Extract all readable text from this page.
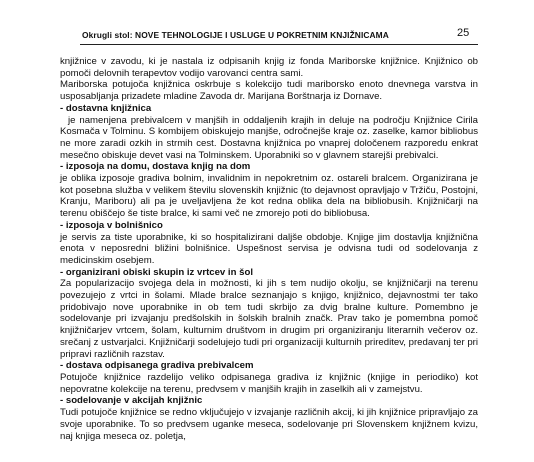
Okrugli stol: NOVE TEHNOLOGIJE I USLUGE U POKRETNIM KNJIŽNICAMA	25

knjižnice v zavodu, ki je nastala iz odpisanih knjig iz fonda Mariborske knjižnice. Knjižnico ob pomoči delovnih terapevtov vodijo varovanci centra sami.

Mariborska potujoča knjižnica oskrbuje s kolekcijo tudi mariborsko enoto dnevnega varstva in usposabljanja prizadete mladine Zavoda dr. Marijana Borštnarja iz Dornave.

- dostavna knjižnica

je namenjena prebivalcem v manjših in oddaljenih krajih in deluje na področju Knjižnice Cirila Kosmača v Tolminu. S kombijem obiskujejo manjše, odročnejše kraje oz. zaselke, kamor bibliobus ne more zaradi ozkih in strmih cest. Dostavna knjižnica po vnaprej določenem razporedu enkrat mesečno obiskuje devet vasi na Tolminskem. Uporabniki so v glavnem starejši prebivalci.

- izposoja na domu, dostava knjig na dom

je oblika izposoje gradiva bolnim, invalidnim in nepokretnim oz. ostareli bralcem. Organizirana je kot posebna služba v velikem številu slovenskih knjižnic (to dejavnost opravljajo v Tržiču, Postojni, Kranju, Mariboru) ali pa je uveljavljena že kot redna oblika dela na bibliobusih. Knjižničarji na terenu obiščejo še tiste bralce, ki sami več ne zmorejo poti do bibliobusa.

- izposoja v bolnišnico

je servis za tiste uporabnike, ki so hospitalizirani daljše obdobje. Knjige jim dostavlja knjižnična enota v neposredni bližini bolnišnice. Uspešnost servisa je odvisna tudi od sodelovanja z medicinskim osebjem.

- organizirani obiski skupin iz vrtcev in šol

Za popularizacijo svojega dela in možnosti, ki jih s tem nudijo okolju, se knjižničarji na terenu povezujejo z vrtci in šolami. Mlade bralce seznanjajo s knjigo, knjižnico, dejavnostmi ter tako pridobivajo nove uporabnike in ob tem tudi skrbijo za dvig bralne kulture. Pomembno je sodelovanje pri izvajanju predšolskih in šolskih bralnih značk. Prav tako je pomembna pomoč knjižničarjev vrtcem, šolam, kulturnim društvom in drugim pri organiziranju literarnih večerov oz. srečanj z ustvarjalci. Knjižničarji sodelujejo tudi pri organizaciji kulturnih prireditev, predavanj ter pri pripravi različnih razstav.

- dostava odpisanega gradiva prebivalcem

Potujoče knjižnice razdelijo veliko odpisanega gradiva iz knjižnic (knjige in periodiko) kot nepovratne kolekcije na terenu, predvsem v manjših krajih in zaselkih ali v zamejstvu.

- sodelovanje v akcijah knjižnic

Tudi potujoče knjižnice se redno vključujejo v izvajanje različnih akcij, ki jih knjižnice pripravljajo za svoje uporabnike. To so predvsem uganke meseca, sodelovanje pri Slovenskem knjižnem kvizu, naj knjiga meseca oz. poletja,
